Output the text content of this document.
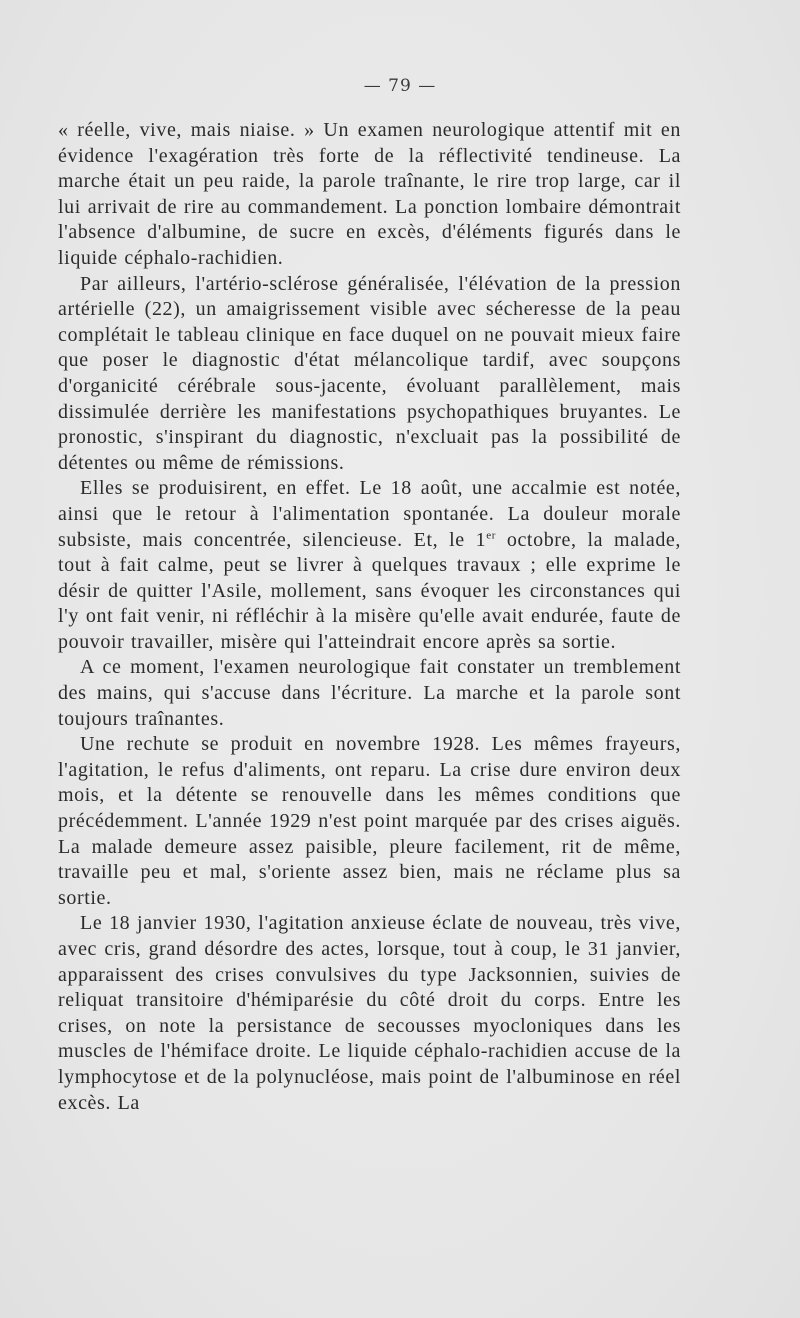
— 79 —

« réelle, vive, mais niaise. » Un examen neurologique attentif mit en évidence l'exagération très forte de la réflectivité tendineuse. La marche était un peu raide, la parole traînante, le rire trop large, car il lui arrivait de rire au commandement. La ponction lombaire démontrait l'absence d'albumine, de sucre en excès, d'éléments figurés dans le liquide céphalo-rachidien.

Par ailleurs, l'artério-sclérose généralisée, l'élévation de la pression artérielle (22), un amaigrissement visible avec sécheresse de la peau complétait le tableau clinique en face duquel on ne pouvait mieux faire que poser le diagnostic d'état mélancolique tardif, avec soupçons d'organicité cérébrale sous-jacente, évoluant parallèlement, mais dissimulée derrière les manifestations psychopathiques bruyantes. Le pronostic, s'inspirant du diagnostic, n'excluait pas la possibilité de détentes ou même de rémissions.

Elles se produisirent, en effet. Le 18 août, une accalmie est notée, ainsi que le retour à l'alimentation spontanée. La douleur morale subsiste, mais concentrée, silencieuse. Et, le 1er octobre, la malade, tout à fait calme, peut se livrer à quelques travaux ; elle exprime le désir de quitter l'Asile, mollement, sans évoquer les circonstances qui l'y ont fait venir, ni réfléchir à la misère qu'elle avait endurée, faute de pouvoir travailler, misère qui l'atteindrait encore après sa sortie.

A ce moment, l'examen neurologique fait constater un tremblement des mains, qui s'accuse dans l'écriture. La marche et la parole sont toujours traînantes.

Une rechute se produit en novembre 1928. Les mêmes frayeurs, l'agitation, le refus d'aliments, ont reparu. La crise dure environ deux mois, et la détente se renouvelle dans les mêmes conditions que précédemment. L'année 1929 n'est point marquée par des crises aiguës. La malade demeure assez paisible, pleure facilement, rit de même, travaille peu et mal, s'oriente assez bien, mais ne réclame plus sa sortie.

Le 18 janvier 1930, l'agitation anxieuse éclate de nouveau, très vive, avec cris, grand désordre des actes, lorsque, tout à coup, le 31 janvier, apparaissent des crises convulsives du type Jacksonnien, suivies de reliquat transitoire d'hémiparésie du côté droit du corps. Entre les crises, on note la persistance de secousses myocloniques dans les muscles de l'hémiface droite. Le liquide céphalo-rachidien accuse de la lymphocytose et de la polynucléose, mais point de l'albuminose en réel excès. La
